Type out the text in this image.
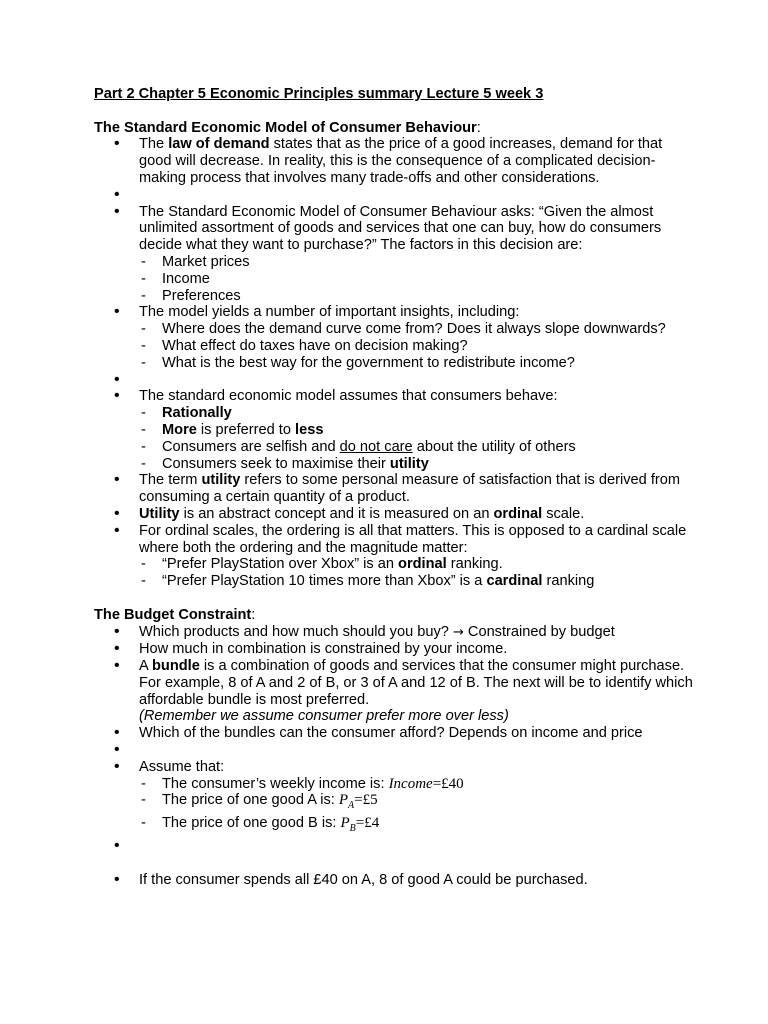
Part 2 Chapter 5 Economic Principles summary Lecture 5 week 3

The Standard Economic Model of Consumer Behaviour:

• The law of demand states that as the price of a good increases, demand for that good will decrease. In reality, this is the consequence of a complicated decision-making process that involves many trade-offs and other considerations.
•
• The Standard Economic Model of Consumer Behaviour asks: “Given the almost unlimited assortment of goods and services that one can buy, how do consumers decide what they want to purchase?” The factors in this decision are:
- Market prices
- Income
- Preferences
• The model yields a number of important insights, including:
- Where does the demand curve come from? Does it always slope downwards?
- What effect do taxes have on decision making?
- What is the best way for the government to redistribute income?
•
• The standard economic model assumes that consumers behave:
- Rationally
- More is preferred to less
- Consumers are selfish and do not care about the utility of others
- Consumers seek to maximise their utility
• The term utility refers to some personal measure of satisfaction that is derived from consuming a certain quantity of a product.
• Utility is an abstract concept and it is measured on an ordinal scale.
• For ordinal scales, the ordering is all that matters. This is opposed to a cardinal scale where both the ordering and the magnitude matter:
- “Prefer PlayStation over Xbox” is an ordinal ranking.
- “Prefer PlayStation 10 times more than Xbox” is a cardinal ranking

The Budget Constraint:

• Which products and how much should you buy? → Constrained by budget
• How much in combination is constrained by your income.
• A bundle is a combination of goods and services that the consumer might purchase. For example, 8 of A and 2 of B, or 3 of A and 12 of B. The next will be to identify which affordable bundle is most preferred.
(Remember we assume consumer prefer more over less)
• Which of the bundles can the consumer afford? Depends on income and price
•
• Assume that:
- The consumer’s weekly income is: Income=£40
- The price of one good A is: $P_A=£5$
- The price of one good B is: $P_B=£4$
•
• If the consumer spends all £40 on A, 8 of good A could be purchased.
